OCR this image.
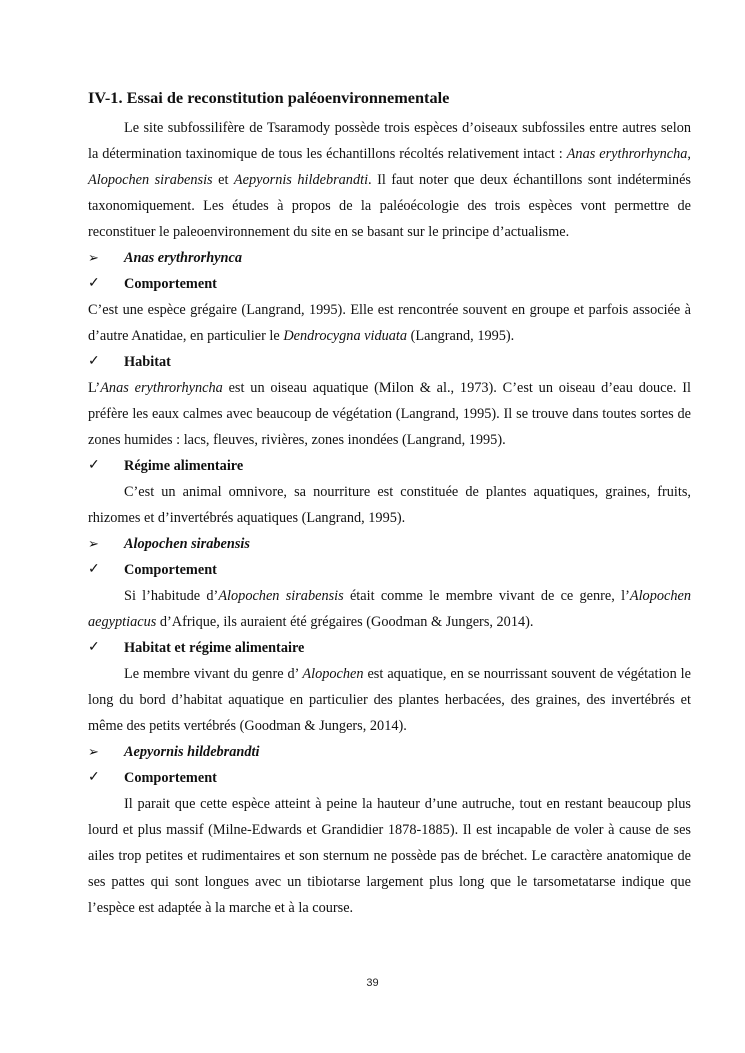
IV-1. Essai de reconstitution paléoenvironnementale

Le site subfossilifère de Tsaramody possède trois espèces d’oiseaux subfossiles entre autres selon la détermination taxinomique de tous les échantillons récoltés relativement intact : Anas erythrorhyncha, Alopochen sirabensis et Aepyornis hildebrandti. Il faut noter que deux échantillons sont indéterminés taxonomiquement. Les études à propos de la paléoécologie des trois espèces vont permettre de reconstituer le paleoenvironnement du site en se basant sur le principe d’actualisme.

➢	Anas erythrorhynca
✓	Comportement

C’est une espèce grégaire (Langrand, 1995). Elle est rencontrée souvent en groupe et parfois associée à d’autre Anatidae, en particulier le Dendrocygna viduata (Langrand, 1995).

✓	Habitat

L’Anas erythrorhyncha est un oiseau aquatique (Milon & al., 1973). C’est un oiseau d’eau douce. Il préfère les eaux calmes avec beaucoup de végétation (Langrand, 1995). Il se trouve dans toutes sortes de zones humides : lacs, fleuves, rivières, zones inondées (Langrand, 1995).

✓	Régime alimentaire

C’est un animal omnivore, sa nourriture est constituée de plantes aquatiques, graines, fruits, rhizomes et d’invertébrés aquatiques (Langrand, 1995).

➢	Alopochen sirabensis
✓	Comportement

Si l’habitude d’Alopochen sirabensis était comme le membre vivant de ce genre, l’Alopochen aegyptiacus d’Afrique, ils auraient été grégaires (Goodman & Jungers, 2014).

✓	Habitat et régime alimentaire

Le membre vivant du genre d’ Alopochen est aquatique, en se nourrissant souvent de végétation le long du bord d’habitat aquatique en particulier des plantes herbacées, des graines, des invertébrés et même des petits vertébrés (Goodman & Jungers, 2014).

➢	Aepyornis hildebrandti
✓	Comportement

Il parait que cette espèce atteint à peine la hauteur d’une autruche, tout en restant beaucoup plus lourd et plus massif (Milne-Edwards et Grandidier 1878-1885). Il est incapable de voler à cause de ses ailes trop petites et rudimentaires et son sternum ne possède pas de bréchet. Le caractère anatomique de ses pattes qui sont longues avec un tibiotarse largement plus long que le tarsometatarse indique que l’espèce est adaptée à la marche et à la course.

39
